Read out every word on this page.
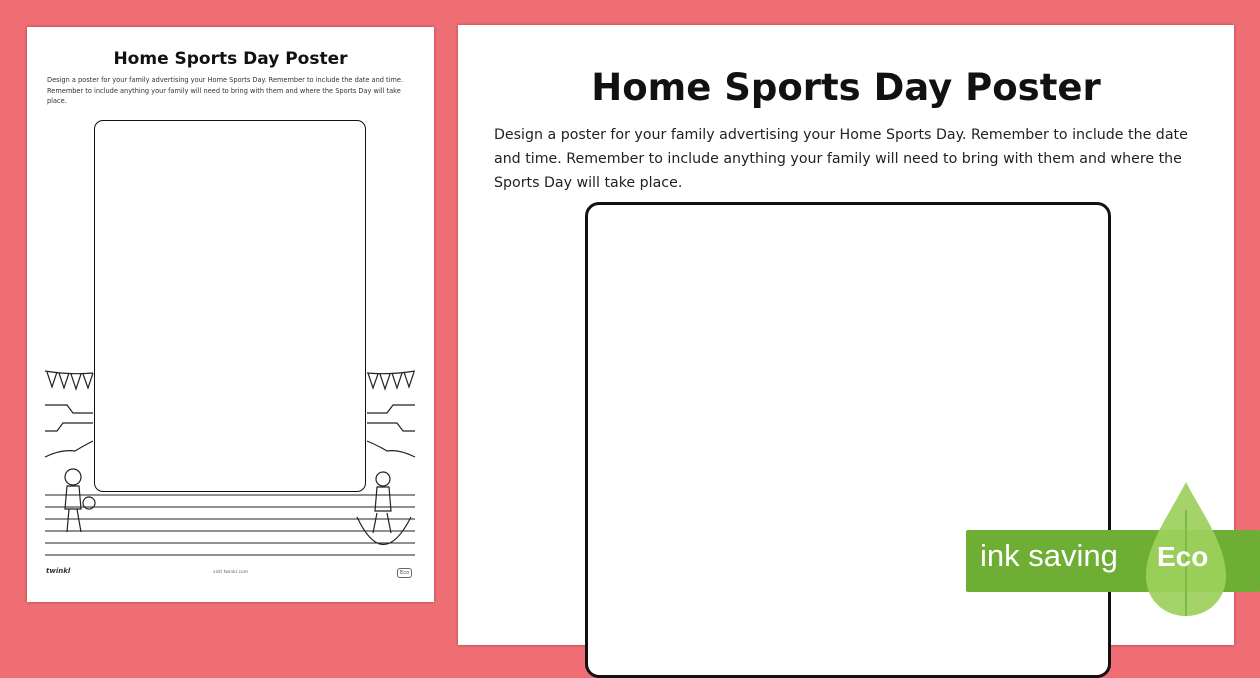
Home Sports Day Poster
Design a poster for your family advertising your Home Sports Day. Remember to include the date and time. Remember to include anything your family will need to bring with them and where the Sports Day will take place.
twinkl	visit twinkl.com	Eco
Home Sports Day Poster
Design a poster for your family advertising your Home Sports Day. Remember to include the date and time. Remember to include anything your family will need to bring with them and where the Sports Day will take place.
ink saving Eco
